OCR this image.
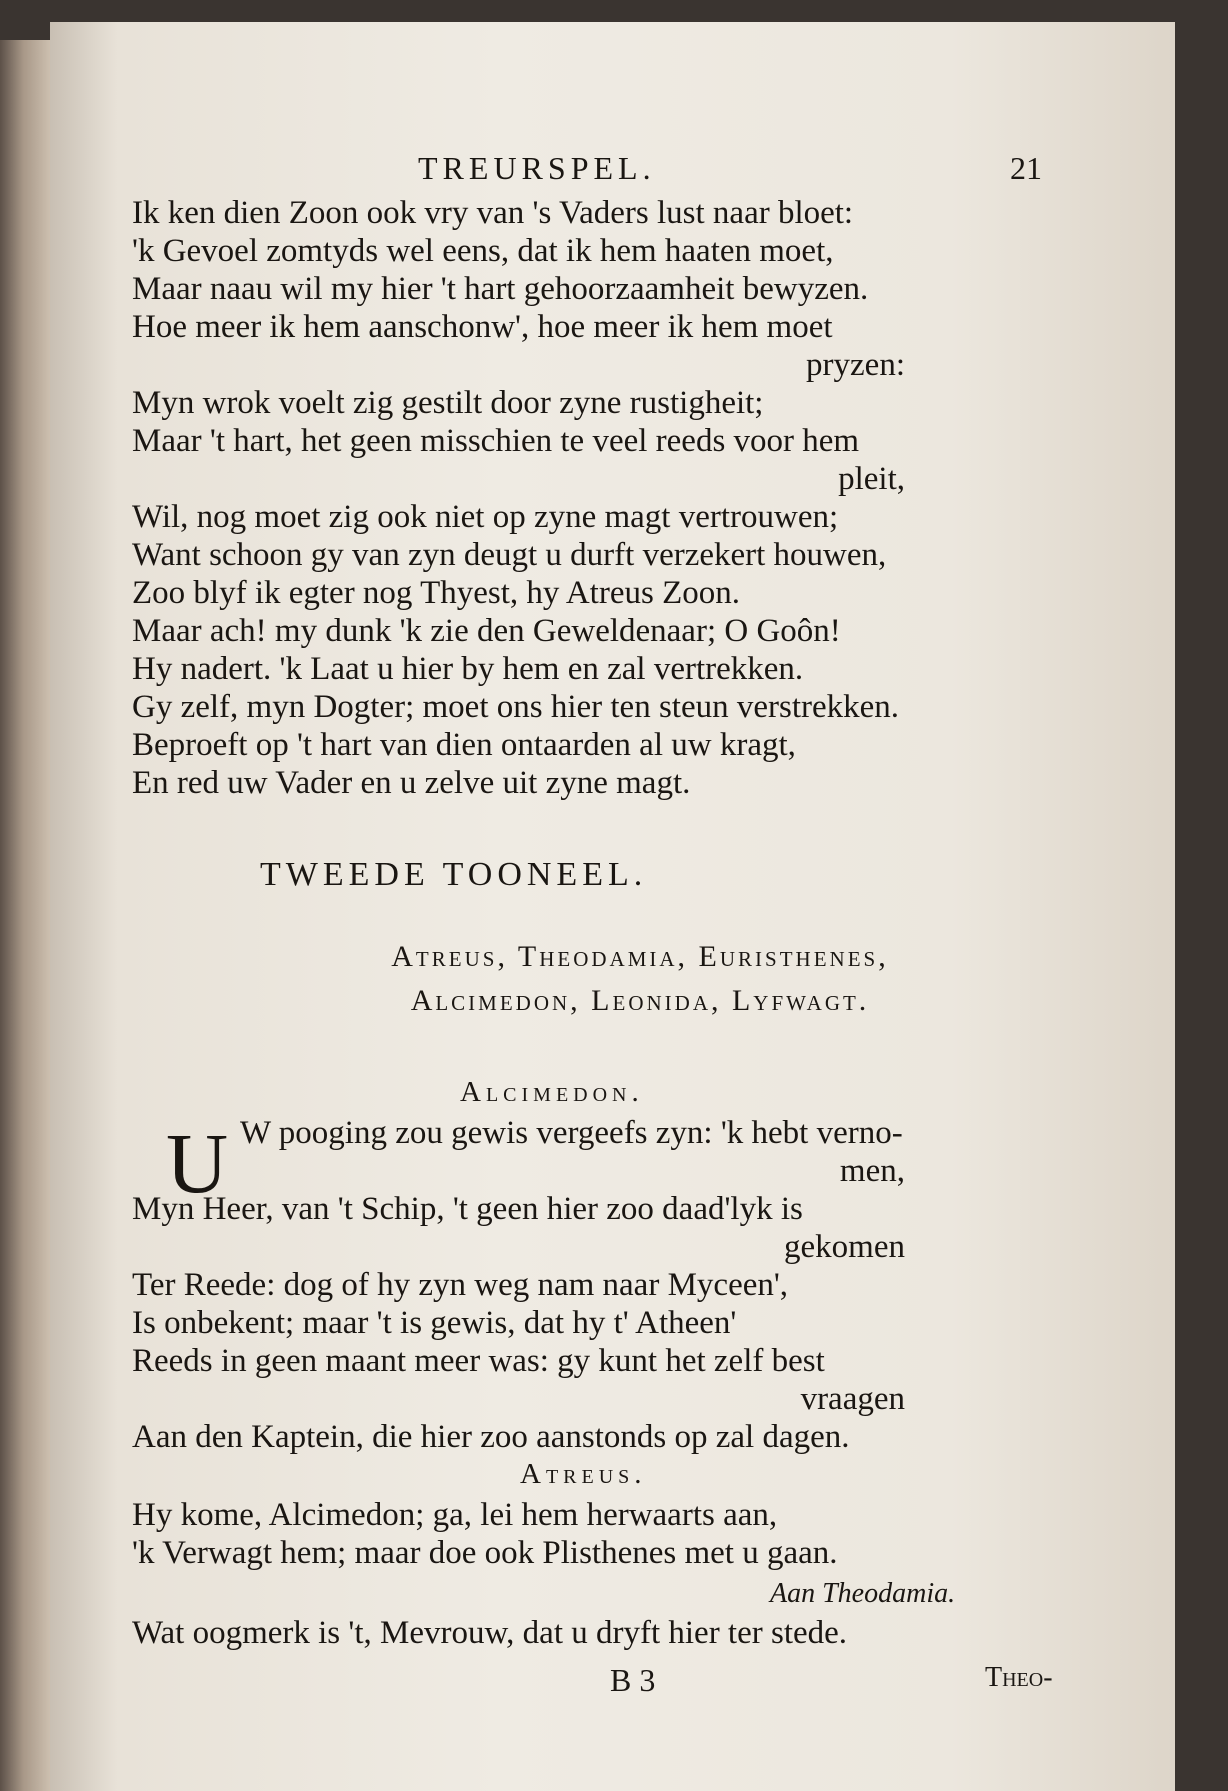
TREURSPEL.	21
Ik ken dien Zoon ook vry van 's Vaders lust naar bloet:
'k Gevoel zomtyds wel eens, dat ik hem haaten moet,
Maar naau wil my hier 't hart gehoorzaamheit bewyzen.
Hoe meer ik hem aanschonw', hoe meer ik hem moet
pryzen:
Myn wrok voelt zig gestilt door zyne rustigheit;
Maar 't hart, het geen misschien te veel reeds voor hem
pleit,
Wil, nog moet zig ook niet op zyne magt vertrouwen;
Want schoon gy van zyn deugt u durft verzekert houwen,
Zoo blyf ik egter nog Thyest, hy Atreus Zoon.
Maar ach! my dunk 'k zie den Geweldenaar; O Goôn!
Hy nadert. 'k Laat u hier by hem en zal vertrekken.
Gy zelf, myn Dogter; moet ons hier ten steun verstrekken.
Beproeft op 't hart van dien ontaarden al uw kragt,
En red uw Vader en u zelve uit zyne magt.
TWEEDE TOONEEL.
Atreus, Theodamia, Euristhenes,
Alcimedon, Leonida, Lyfwagt.
Alcimedon.
U W pooging zou gewis vergeefs zyn: 'k hebt verno-
men,
Myn Heer, van 't Schip, 't geen hier zoo daad'lyk is
gekomen
Ter Reede: dog of hy zyn weg nam naar Myceen',
Is onbekent; maar 't is gewis, dat hy t' Atheen'
Reeds in geen maant meer was: gy kunt het zelf best
vraagen
Aan den Kaptein, die hier zoo aanstonds op zal dagen.
Atreus.
Hy kome, Alcimedon; ga, lei hem herwaarts aan,
'k Verwagt hem; maar doe ook Plisthenes met u gaan.
Aan Theodamia.
Wat oogmerk is 't, Mevrouw, dat u dryft hier ter stede.
B 3	Theo-
